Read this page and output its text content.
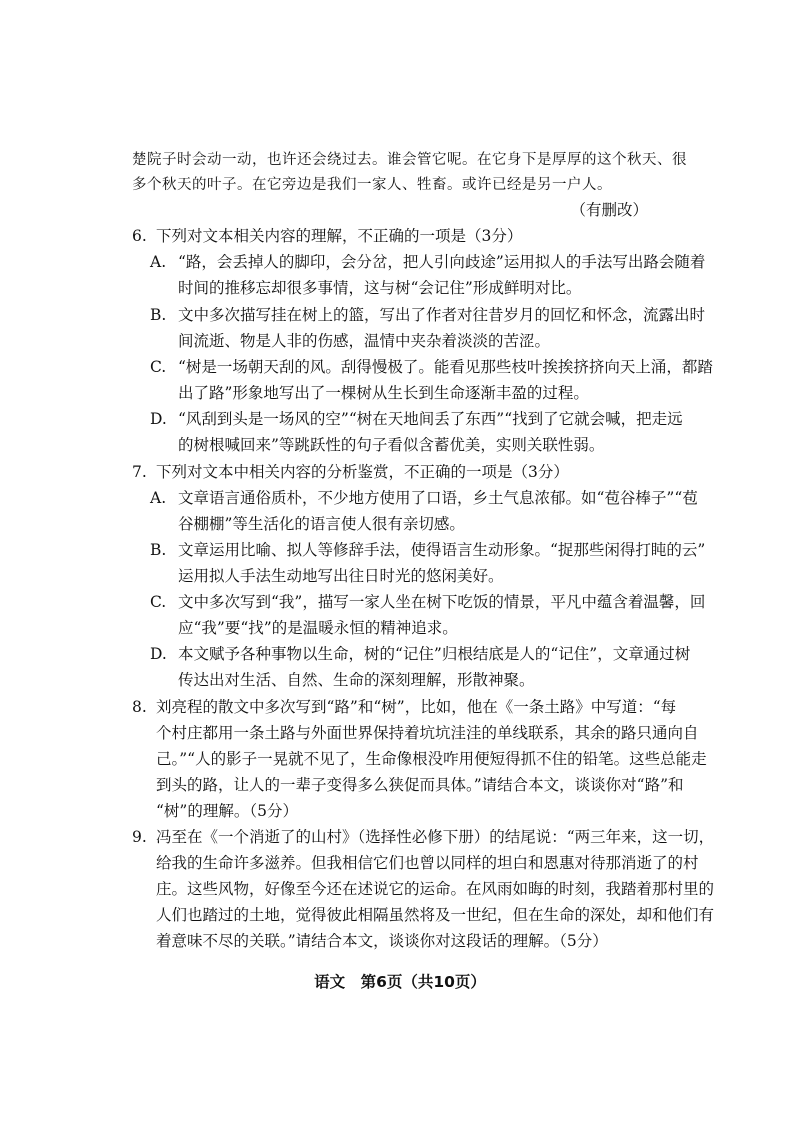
楚院子时会动一动，也许还会绕过去。谁会管它呢。在它身下是厚厚的这个秋天、很
多个秋天的叶子。在它旁边是我们一家人、牲畜。或许已经是另一户人。
（有删改）
6. 下列对文本相关内容的理解，不正确的一项是（3分）
A. “路，会丢掉人的脚印，会分岔，把人引向歧途”运用拟人的手法写出路会随着
时间的推移忘却很多事情，这与树“会记住”形成鲜明对比。
B. 文中多次描写挂在树上的篮，写出了作者对往昔岁月的回忆和怀念，流露出时
间流逝、物是人非的伤感，温情中夹杂着淡淡的苦涩。
C. “树是一场朝天刮的风。刮得慢极了。能看见那些枝叶挨挨挤挤向天上涌，都踏
出了路”形象地写出了一棵树从生长到生命逐渐丰盈的过程。
D. “风刮到头是一场风的空”“树在天地间丢了东西”“找到了它就会喊，把走远
的树根喊回来”等跳跃性的句子看似含蓄优美，实则关联性弱。
7. 下列对文本中相关内容的分析鉴赏，不正确的一项是（3分）
A. 文章语言通俗质朴，不少地方使用了口语，乡土气息浓郁。如“苞谷棒子”“苞
谷棚棚”等生活化的语言使人很有亲切感。
B. 文章运用比喻、拟人等修辞手法，使得语言生动形象。“捉那些闲得打盹的云”
运用拟人手法生动地写出往日时光的悠闲美好。
C. 文中多次写到“我”，描写一家人坐在树下吃饭的情景，平凡中蕴含着温馨，回
应“我”要“找”的是温暖永恒的精神追求。
D. 本文赋予各种事物以生命，树的“记住”归根结底是人的“记住”，文章通过树
传达出对生活、自然、生命的深刻理解，形散神聚。
8. 刘亮程的散文中多次写到“路”和“树”，比如，他在《一条土路》中写道：“每
个村庄都用一条土路与外面世界保持着坑坑洼洼的单线联系，其余的路只通向自
己。”“人的影子一晃就不见了，生命像根没咋用便短得抓不住的铅笔。这些总能走
到头的路，让人的一辈子变得多么狭促而具体。”请结合本文，谈谈你对“路”和
“树”的理解。（5分）
9. 冯至在《一个消逝了的山村》（选择性必修下册）的结尾说：“两三年来，这一切，
给我的生命许多滋养。但我相信它们也曾以同样的坦白和恩惠对待那消逝了的村
庄。这些风物，好像至今还在述说它的运命。在风雨如晦的时刻，我踏着那村里的
人们也踏过的土地，觉得彼此相隔虽然将及一世纪，但在生命的深处，却和他们有
着意味不尽的关联。”请结合本文，谈谈你对这段话的理解。（5分）
语文　第6页（共10页）
